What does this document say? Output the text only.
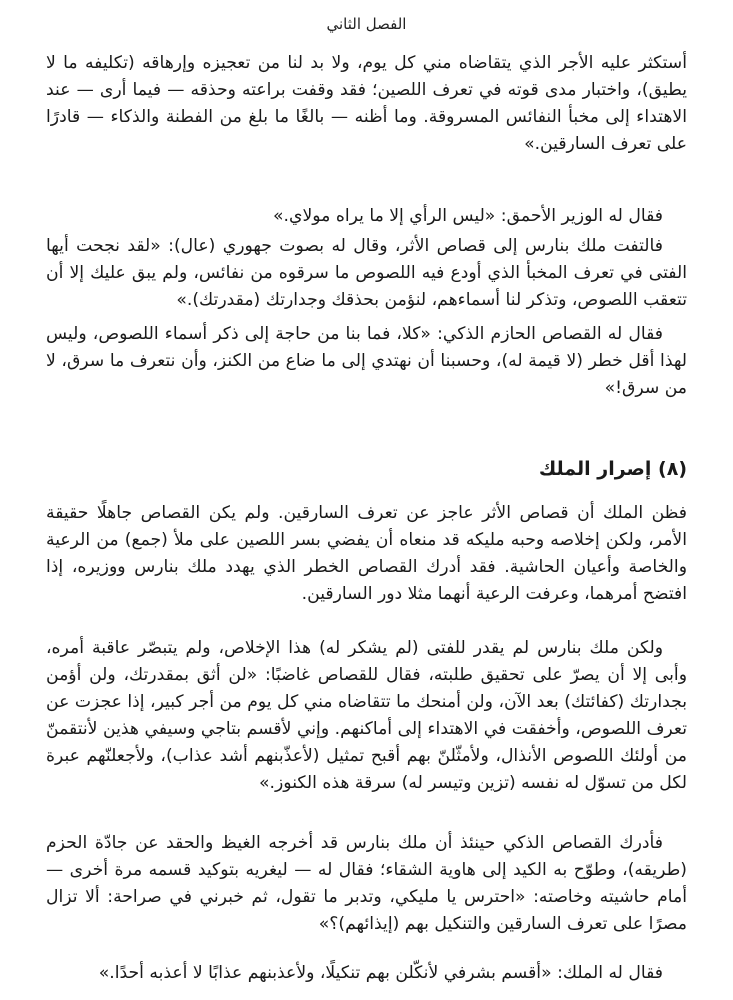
الفصل الثاني

أستكثر عليه الأجر الذي يتقاضاه مني كل يوم، ولا بد لنا من تعجيزه وإرهاقه (تكليفه ما لا يطيق)، واختبار مدى قوته في تعرف اللصين؛ فقد وقفت براعته وحذقه — فيما أرى — عند الاهتداء إلى مخبأ النفائس المسروقة. وما أظنه — بالغًا ما بلغ من الفطنة والذكاء — قادرًا على تعرف السارقين.»

فقال له الوزير الأحمق: «ليس الرأي إلا ما يراه مولاي.»

فالتفت ملك بنارس إلى قصاص الأثر، وقال له بصوت جهوري (عال): «لقد نجحت أيها الفتى في تعرف المخبأ الذي أودع فيه اللصوص ما سرقوه من نفائس، ولم يبق عليك إلا أن تتعقب اللصوص، وتذكر لنا أسماءهم، لنؤمن بحذقك وجدارتك (مقدرتك).»

فقال له القصاص الحازم الذكي: «كلا، فما بنا من حاجة إلى ذكر أسماء اللصوص، وليس لهذا أقل خطر (لا قيمة له)، وحسبنا أن نهتدي إلى ما ضاع من الكنز، وأن نتعرف ما سرق، لا من سرق!»

(٨) إصرار الملك

فظن الملك أن قصاص الأثر عاجز عن تعرف السارقين. ولم يكن القصاص جاهلًا حقيقة الأمر، ولكن إخلاصه وحبه مليكه قد منعاه أن يفضي بسر اللصين على ملأ (جمع) من الرعية والخاصة وأعيان الحاشية. فقد أدرك القصاص الخطر الذي يهدد ملك بنارس ووزيره، إذا افتضح أمرهما، وعرفت الرعية أنهما مثلا دور السارقين.

ولكن ملك بنارس لم يقدر للفتى (لم يشكر له) هذا الإخلاص، ولم يتبصّر عاقبة أمره، وأبى إلا أن يصرّ على تحقيق طلبته، فقال للقصاص غاضبًا: «لن أثق بمقدرتك، ولن أؤمن بجدارتك (كفائتك) بعد الآن، ولن أمنحك ما تتقاضاه مني كل يوم من أجر كبير، إذا عجزت عن تعرف اللصوص، وأخفقت في الاهتداء إلى أماكنهم. وإني لأقسم بتاجي وسيفي هذين لأنتقمنّ من أولئك اللصوص الأنذال، ولأمثّلنّ بهم أقبح تمثيل (لأعذّبنهم أشد عذاب)، ولأجعلنّهم عبرة لكل من تسوّل له نفسه (تزين وتيسر له) سرقة هذه الكنوز.»

فأدرك القصاص الذكي حينئذ أن ملك بنارس قد أخرجه الغيظ والحقد عن جادّة الحزم (طريقه)، وطوّح به الكيد إلى هاوية الشقاء؛ فقال له — ليغريه بتوكيد قسمه مرة أخرى — أمام حاشيته وخاصته: «احترس يا مليكي، وتدبر ما تقول، ثم خبرني في صراحة: ألا تزال مصرًا على تعرف السارقين والتنكيل بهم (إيذائهم)؟»

فقال له الملك: «أقسم بشرفي لأنكّلن بهم تنكيلًا، ولأعذبنهم عذابًا لا أعذبه أحدًا.»
